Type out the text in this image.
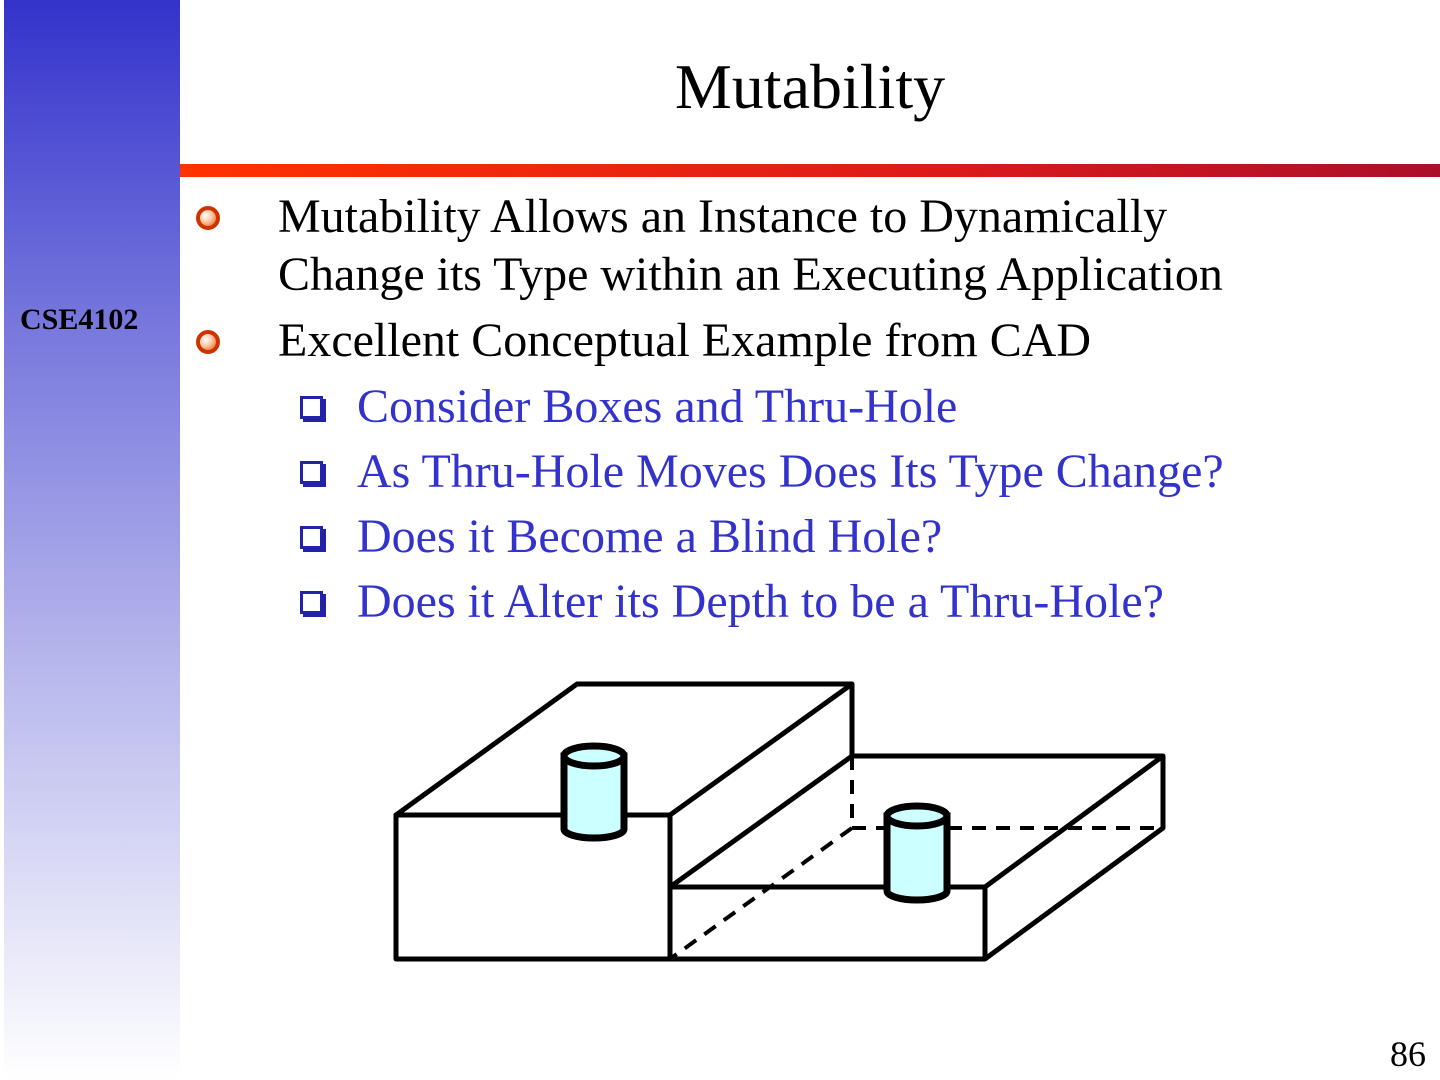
CSE4102
Mutability
Mutability Allows an Instance to Dynamically
Change its Type within an Executing Application
Excellent Conceptual Example from CAD
Consider Boxes and Thru-Hole
As Thru-Hole Moves Does Its Type Change?
Does it Become a Blind Hole?
Does it Alter its Depth to be a Thru-Hole?
86
